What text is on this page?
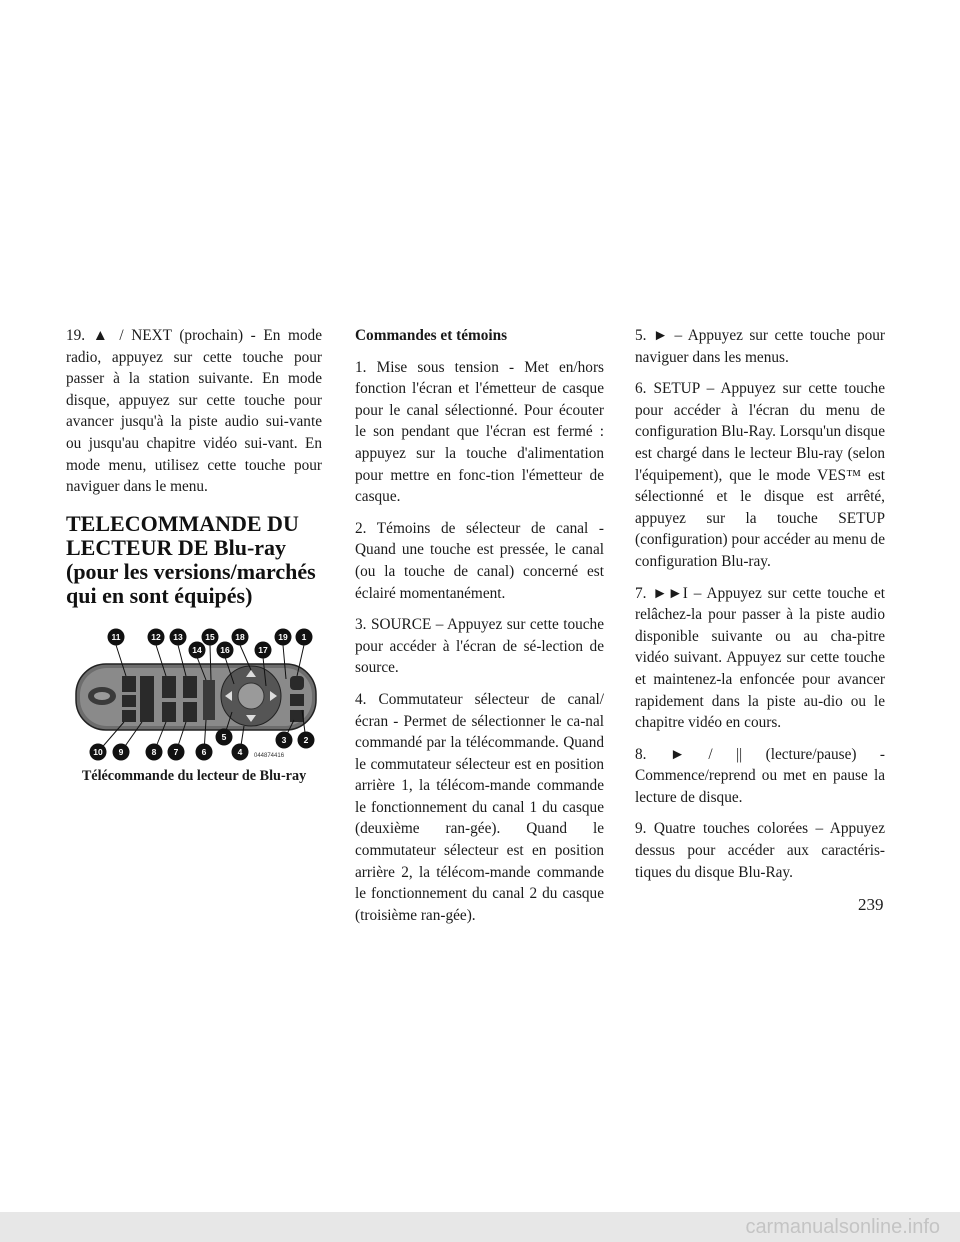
19. ▲ / NEXT (prochain) - En mode radio, appuyez sur cette touche pour passer à la station suivante. En mode disque, appuyez sur cette touche pour avancer jusqu'à la piste audio sui-vante ou jusqu'au chapitre vidéo sui-vant. En mode menu, utilisez cette touche pour naviguer dans le menu.

TELECOMMANDE DU LECTEUR DE Blu-ray (pour les versions/marchés qui en sont équipés)
11	12 13
14
15
16
18
17
19 1
10 9	8 7	6
5
4
3 2
044874416
Télécommande du lecteur de Blu-ray

Commandes et témoins

1. Mise sous tension - Met en/hors fonction l'écran et l'émetteur de casque pour le canal sélectionné. Pour écouter le son pendant que l'écran est fermé : appuyez sur la touche d'alimentation pour mettre en fonc-tion l'émetteur de casque.

2. Témoins de sélecteur de canal - Quand une touche est pressée, le canal (ou la touche de canal) concerné est éclairé momentanément.

3. SOURCE – Appuyez sur cette touche pour accéder à l'écran de sé-lection de source.

4. Commutateur sélecteur de canal/ écran - Permet de sélectionner le ca-nal commandé par la télécommande. Quand le commutateur sélecteur est en position arrière 1, la télécom-mande commande le fonctionnement du canal 1 du casque (deuxième ran-gée). Quand le commutateur sélecteur est en position arrière 2, la télécom-mande commande le fonctionnement du canal 2 du casque (troisième ran-gée).

5. ► – Appuyez sur cette touche pour naviguer dans les menus.

6. SETUP – Appuyez sur cette touche pour accéder à l'écran du menu de configuration Blu-Ray. Lorsqu'un disque est chargé dans le lecteur Blu-ray (selon l'équipement), que le mode VES™ est sélectionné et le disque est arrêté, appuyez sur la touche SETUP (configuration) pour accéder au menu de configuration Blu-ray.

7. ►►I – Appuyez sur cette touche et relâchez-la pour passer à la piste audio disponible suivante ou au cha-pitre vidéo suivant. Appuyez sur cette touche et maintenez-la enfoncée pour avancer rapidement dans la piste au-dio ou le chapitre vidéo en cours.

8. ► / || (lecture/pause) - Commence/reprend ou met en pause la lecture de disque.

9. Quatre touches colorées – Appuyez dessus pour accéder aux caractéris-tiques du disque Blu-Ray.

239
carmanualsonline.info
